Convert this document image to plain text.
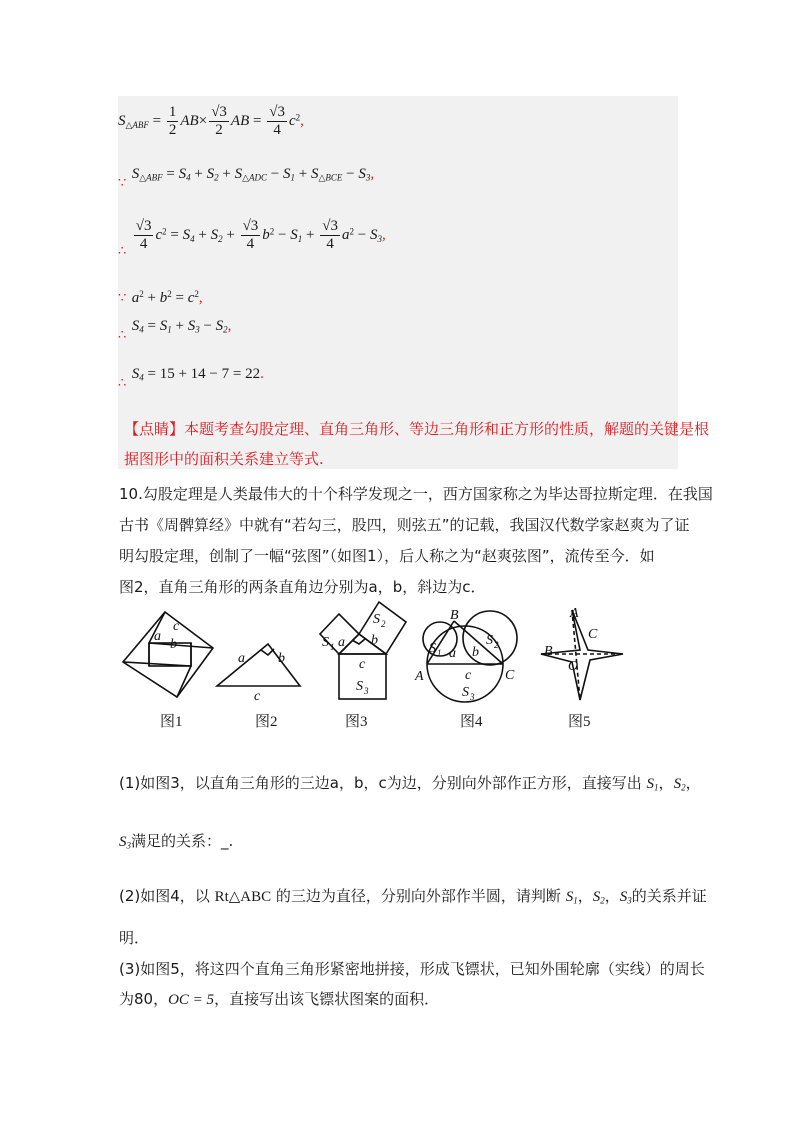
$S_{\triangle ABF} = \frac{1}{2} AB\times \frac{√3}{2}$ AB = $\frac{√3}{4} c^2$,
∵ $S_{\triangle ABF} = S_4 + S_2 + S_{\triangle ADC} - S_1 + S_{\triangle BCE} - S_3$,
∴ $\frac{√3}{4} c^2 = S_4 + S_2 + \frac{√3}{4} b^2 - S_1 + \frac{√3}{4} a^2 - S_3$,
∵ $a^2 + b^2 = c^2$,
∴ $S_4 = S_1 + S_3 - S_2$,
∴ $S_4 = 15 + 14 - 7 = 22$.
【点睛】本题考查勾股定理、直角三角形、等边三角形和正方形的性质，解题的关键是根
据图形中的面积关系建立等式.
10.勾股定理是人类最伟大的十个科学发现之一，西方国家称之为毕达哥拉斯定理．在我国
古书《周髀算经》中就有“若勾三，股四，则弦五”的记载，我国汉代数学家赵爽为了证
明勾股定理，创制了一幅“弦图”（如图1），后人称之为“赵爽弦图”，流传至今．如
图2，直角三角形的两条直角边分别为a，b，斜边为c．
a
c
b
a b
c
S 1 a
S 2
b
c
S 3
B
S 1 a
S 2
b
A	C
c
S 3
A
C
B
O
图1	图2	图3	图4	图5
(1)如图3，以直角三角形的三边a，b，c为边，分别向外部作正方形，直接写出 $S_1$，$S_2$，
$S_3$满足的关系：_.
(2)如图4，以 Rt△ABC 的三边为直径，分别向外部作半圆，请判断 $S_1$，$S_2$，$S_3$的关系并证
明．
(3)如图5，将这四个直角三角形紧密地拼接，形成飞镖状，已知外围轮廓（实线）的周长
为80，OC = 5，直接写出该飞镖状图案的面积．
